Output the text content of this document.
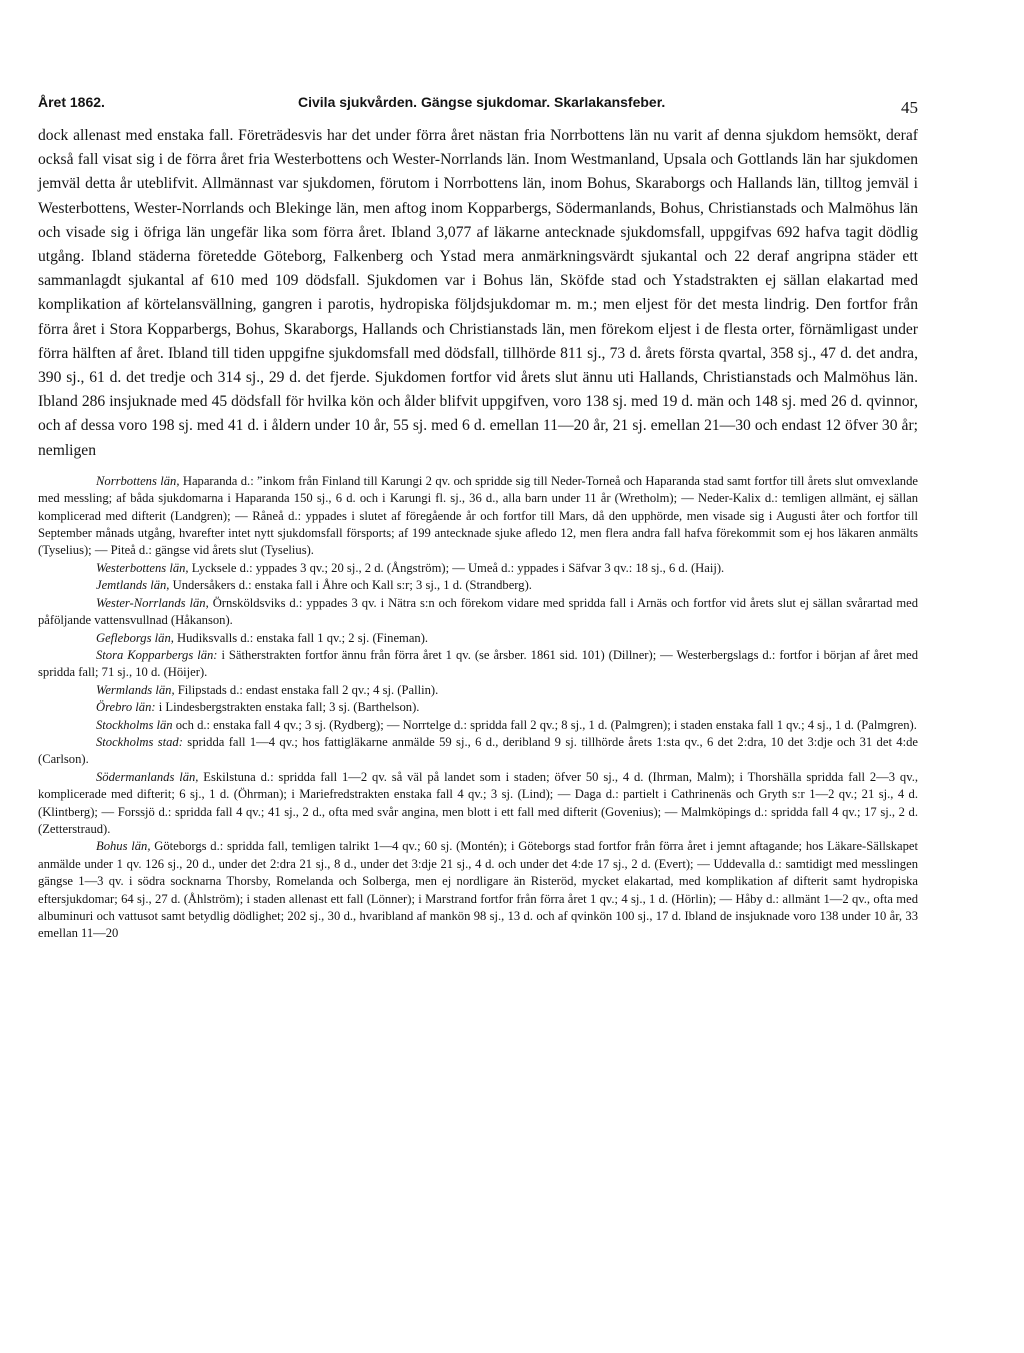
Året 1862.	Civila sjukvården. Gängse sjukdomar. Skarlakansfeber.	45

dock allenast med enstaka fall. Företrädesvis har det under förra året nästan fria Norrbottens län nu varit af denna sjukdom hemsökt, deraf också fall visat sig i de förra året fria Westerbottens och Wester-Norrlands län. Inom Westmanland, Upsala och Gottlands län har sjukdomen jemväl detta år uteblifvit. Allmännast var sjukdomen, förutom i Norrbottens län, inom Bohus, Skaraborgs och Hallands län, tilltog jemväl i Westerbottens, Wester-Norrlands och Blekinge län, men aftog inom Kopparbergs, Södermanlands, Bohus, Christianstads och Malmöhus län och visade sig i öfriga län ungefär lika som förra året. Ibland 3,077 af läkarne antecknade sjukdomsfall, uppgifvas 692 hafva tagit dödlig utgång. Ibland städerna företedde Göteborg, Falkenberg och Ystad mera anmärkningsvärdt sjukantal och 22 deraf angripna städer ett sammanlagdt sjukantal af 610 med 109 dödsfall. Sjukdomen var i Bohus län, Sköfde stad och Ystadstrakten ej sällan elakartad med komplikation af körtelansvällning, gangren i parotis, hydropiska följdsjukdomar m. m.; men eljest för det mesta lindrig. Den fortfor från förra året i Stora Kopparbergs, Bohus, Skaraborgs, Hallands och Christianstads län, men förekom eljest i de flesta orter, förnämligast under förra hälften af året. Ibland till tiden uppgifne sjukdomsfall med dödsfall, tillhörde 811 sj., 73 d. årets första qvartal, 358 sj., 47 d. det andra, 390 sj., 61 d. det tredje och 314 sj., 29 d. det fjerde. Sjukdomen fortfor vid årets slut ännu uti Hallands, Christianstads och Malmöhus län. Ibland 286 insjuknade med 45 dödsfall för hvilka kön och ålder blifvit uppgifven, voro 138 sj. med 19 d. män och 148 sj. med 26 d. qvinnor, och af dessa voro 198 sj. med 41 d. i åldern under 10 år, 55 sj. med 6 d. emellan 11—20 år, 21 sj. emellan 21—30 och endast 12 öfver 30 år; nemligen

Norrbottens län, Haparanda d.: ”inkom från Finland till Karungi 2 qv. och spridde sig till Neder-Torneå och Haparanda stad samt fortfor till årets slut omvexlande med messling; af båda sjukdomarna i Haparanda 150 sj., 6 d. och i Karungi fl. sj., 36 d., alla barn under 11 år (Wretholm); — Neder-Kalix d.: temligen allmänt, ej sällan komplicerad med difterit (Landgren); — Råneå d.: yppades i slutet af föregående år och fortfor till Mars, då den upphörde, men visade sig i Augusti åter och fortfor till September månads utgång, hvarefter intet nytt sjukdomsfall försports; af 199 antecknade sjuke afledo 12, men flera andra fall hafva förekommit som ej hos läkaren anmälts (Tyselius); — Piteå d.: gängse vid årets slut (Tyselius).

Westerbottens län, Lycksele d.: yppades 3 qv.; 20 sj., 2 d. (Ångström); — Umeå d.: yppades i Säfvar 3 qv.: 18 sj., 6 d. (Haij).

Jemtlands län, Undersåkers d.: enstaka fall i Åhre och Kall s:r; 3 sj., 1 d. (Strandberg).

Wester-Norrlands län, Örnsköldsviks d.: yppades 3 qv. i Nätra s:n och förekom vidare med spridda fall i Arnäs och fortfor vid årets slut ej sällan svårartad med påföljande vattensvullnad (Håkanson).

Gefleborgs län, Hudiksvalls d.: enstaka fall 1 qv.; 2 sj. (Fineman).

Stora Kopparbergs län: i Sätherstrakten fortfor ännu från förra året 1 qv. (se årsber. 1861 sid. 101) (Dillner); — Westerbergslags d.: fortfor i början af året med spridda fall; 71 sj., 10 d. (Höijer).

Wermlands län, Filipstads d.: endast enstaka fall 2 qv.; 4 sj. (Pallin).

Örebro län: i Lindesbergstrakten enstaka fall; 3 sj. (Barthelson).

Stockholms län och d.: enstaka fall 4 qv.; 3 sj. (Rydberg); — Norrtelge d.: spridda fall 2 qv.; 8 sj., 1 d. (Palmgren); i staden enstaka fall 1 qv.; 4 sj., 1 d. (Palmgren).

Stockholms stad: spridda fall 1—4 qv.; hos fattigläkarne anmälde 59 sj., 6 d., deribland 9 sj. tillhörde årets 1:sta qv., 6 det 2:dra, 10 det 3:dje och 31 det 4:de (Carlson).

Södermanlands län, Eskilstuna d.: spridda fall 1—2 qv. så väl på landet som i staden; öfver 50 sj., 4 d. (Ihrman, Malm); i Thorshälla spridda fall 2—3 qv., komplicerade med difterit; 6 sj., 1 d. (Öhrman); i Mariefredstrakten enstaka fall 4 qv.; 3 sj. (Lind); — Daga d.: partielt i Cathrinenäs och Gryth s:r 1—2 qv.; 21 sj., 4 d. (Klintberg); — Forssjö d.: spridda fall 4 qv.; 41 sj., 2 d., ofta med svår angina, men blott i ett fall med difterit (Govenius); — Malmköpings d.: spridda fall 4 qv.; 17 sj., 2 d. (Zetterstraud).

Bohus län, Göteborgs d.: spridda fall, temligen talrikt 1—4 qv.; 60 sj. (Montén); i Göteborgs stad fortfor från förra året i jemnt aftagande; hos Läkare-Sällskapet anmälde under 1 qv. 126 sj., 20 d., under det 2:dra 21 sj., 8 d., under det 3:dje 21 sj., 4 d. och under det 4:de 17 sj., 2 d. (Evert); — Uddevalla d.: samtidigt med messlingen gängse 1—3 qv. i södra socknarna Thorsby, Romelanda och Solberga, men ej nordligare än Risteröd, mycket elakartad, med komplikation af difterit samt hydropiska eftersjukdomar; 64 sj., 27 d. (Åhlström); i staden allenast ett fall (Lönner); i Marstrand fortfor från förra året 1 qv.; 4 sj., 1 d. (Hörlin); — Håby d.: allmänt 1—2 qv., ofta med albuminuri och vattusot samt betydlig dödlighet; 202 sj., 30 d., hvaribland af mankön 98 sj., 13 d. och af qvinkön 100 sj., 17 d. Ibland de insjuknade voro 138 under 10 år, 33 emellan 11—20
